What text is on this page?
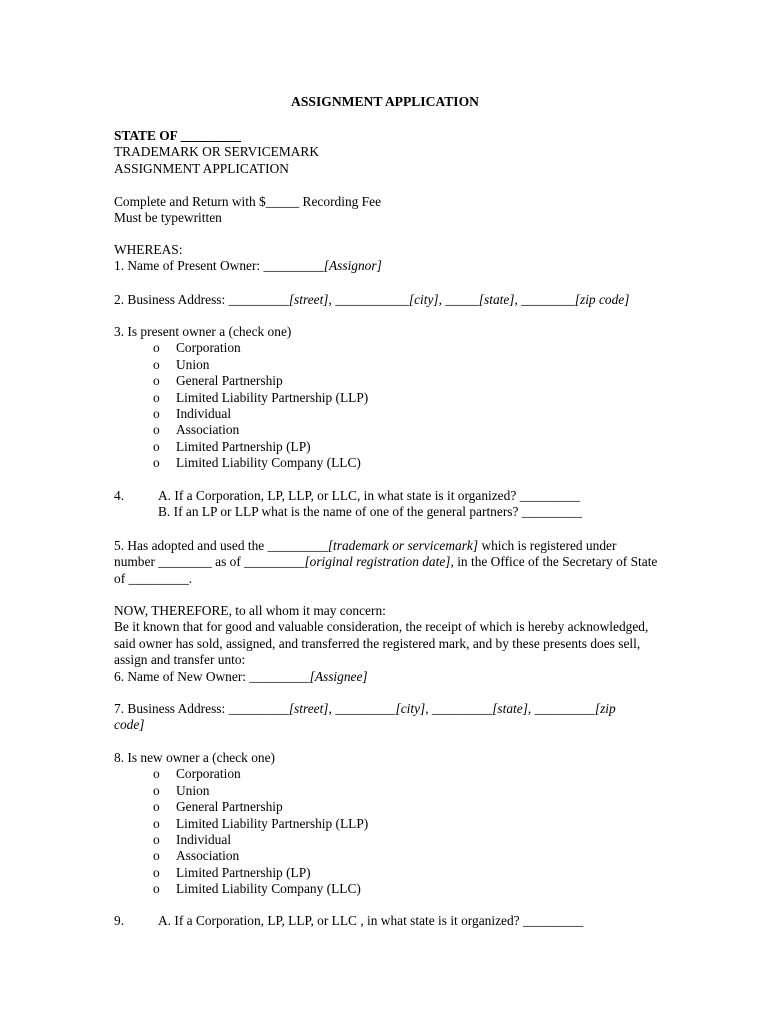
ASSIGNMENT APPLICATION
STATE OF _________
TRADEMARK OR SERVICEMARK
ASSIGNMENT APPLICATION
Complete and Return with $_____ Recording Fee
Must be typewritten
WHEREAS:
1. Name of Present Owner: _________[Assignor]
2. Business Address: _________[street], ___________[city], _____[state], ________[zip code]
3. Is present owner a (check one)
o Corporation
o Union
o General Partnership
o Limited Liability Partnership (LLP)
o Individual
o Association
o Limited Partnership (LP)
o Limited Liability Company (LLC)
4.	A. If a Corporation, LP, LLP, or LLC, in what state is it organized? _________
B. If an LP or LLP what is the name of one of the general partners? _________
5. Has adopted and used the _________[trademark or servicemark] which is registered under number ________ as of _________[original registration date], in the Office of the Secretary of State of _________.
NOW, THEREFORE, to all whom it may concern:
Be it known that for good and valuable consideration, the receipt of which is hereby acknowledged, said owner has sold, assigned, and transferred the registered mark, and by these presents does sell, assign and transfer unto:
6. Name of New Owner: _________[Assignee]
7. Business Address: _________[street], _________[city], _________[state], _________[zip code]
8. Is new owner a (check one)
o Corporation
o Union
o General Partnership
o Limited Liability Partnership (LLP)
o Individual
o Association
o Limited Partnership (LP)
o Limited Liability Company (LLC)
9.	A. If a Corporation, LP, LLP, or LLC , in what state is it organized? _________
